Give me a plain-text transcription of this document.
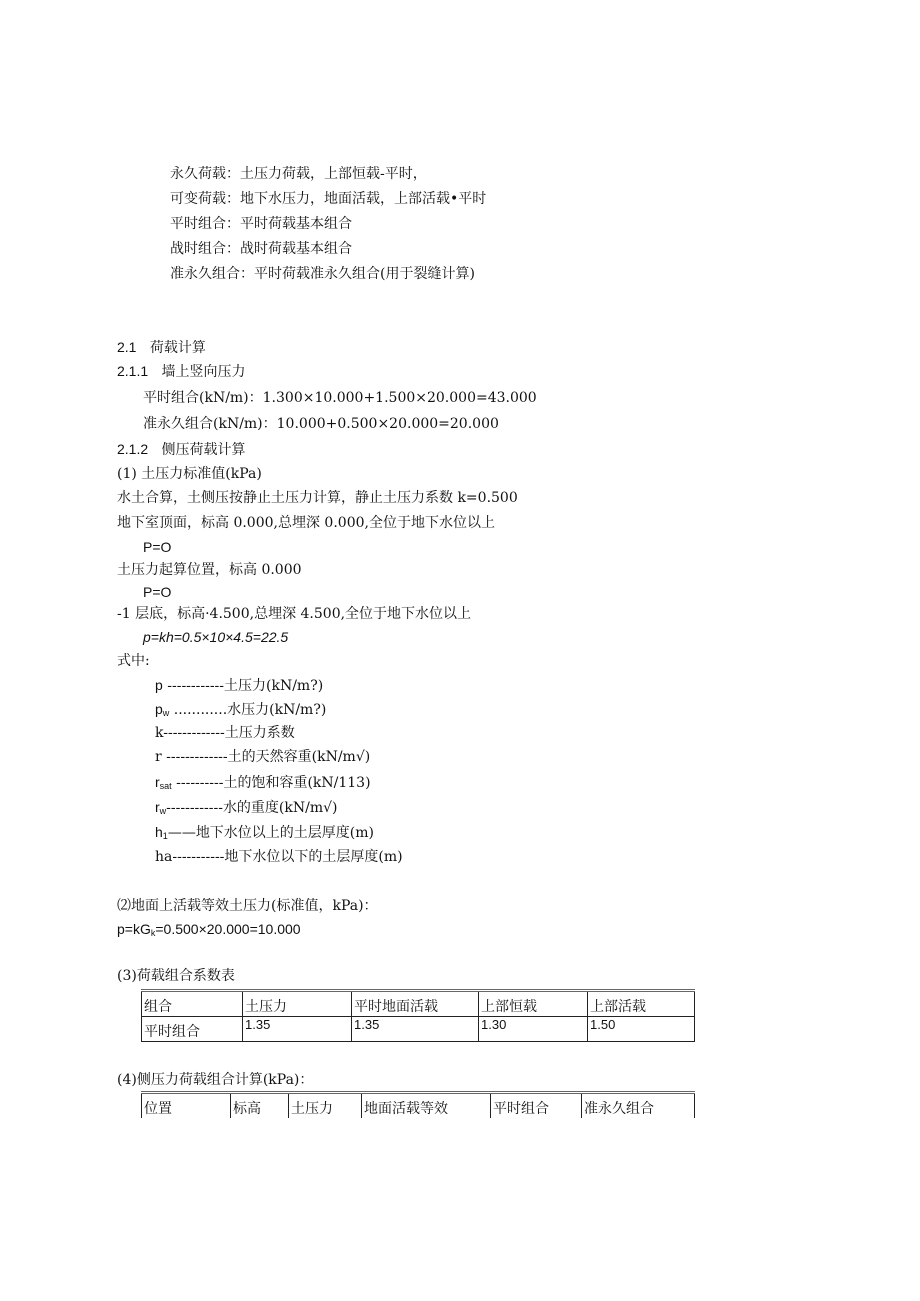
永久荷载：土压力荷载，上部恒载-平时，
可变荷载：地下水压力，地面活载，上部活载•平时
平时组合：平时荷载基本组合
战时组合：战时荷载基本组合
准永久组合：平时荷载准永久组合(用于裂缝计算)
2.1 荷载计算
2.1.1 墙上竖向压力
平时组合(kN/m)：1.300×10.000+1.500×20.000=43.000
准永久组合(kN/m)：10.000+0.500×20.000=20.000
2.1.2 侧压荷载计算
(1) 土压力标准值(kPa)
水土合算，土侧压按静止土压力计算，静止土压力系数 k=0.500
地下室顶面，标高 0.000,总埋深 0.000,全位于地下水位以上
P=O
土压力起算位置，标高 0.000
P=O
-1 层底，标高·4.500,总埋深 4.500,全位于地下水位以上
p=kh=0.5×10×4.5=22.5
式中:
p ------------土压力(kN/m?)
$p_w$ ............水压力(kN/m?)
k-------------土压力系数
r -------------土的天然容重(kN/m√)
$r_{sat}$ ----------土的饱和容重(kN/113)
$r_w------------$水的重度(kN/m√)
$h_1——$地下水位以上的土层厚度(m)
ha-----------地下水位以下的土层厚度(m)
⑵地面上活载等效土压力(标准值，kPa)：
$p=kG_k=0.500\times 20.000=10.000$
(3)荷载组合系数表
组合	土压力	平时地面活载	上部恒载	上部活载
平时组合	1.35	1.35	1.30	1.50
(4)侧压力荷载组合计算(kPa)：
位置	标高	土压力	地面活载等效	平时组合	准永久组合
